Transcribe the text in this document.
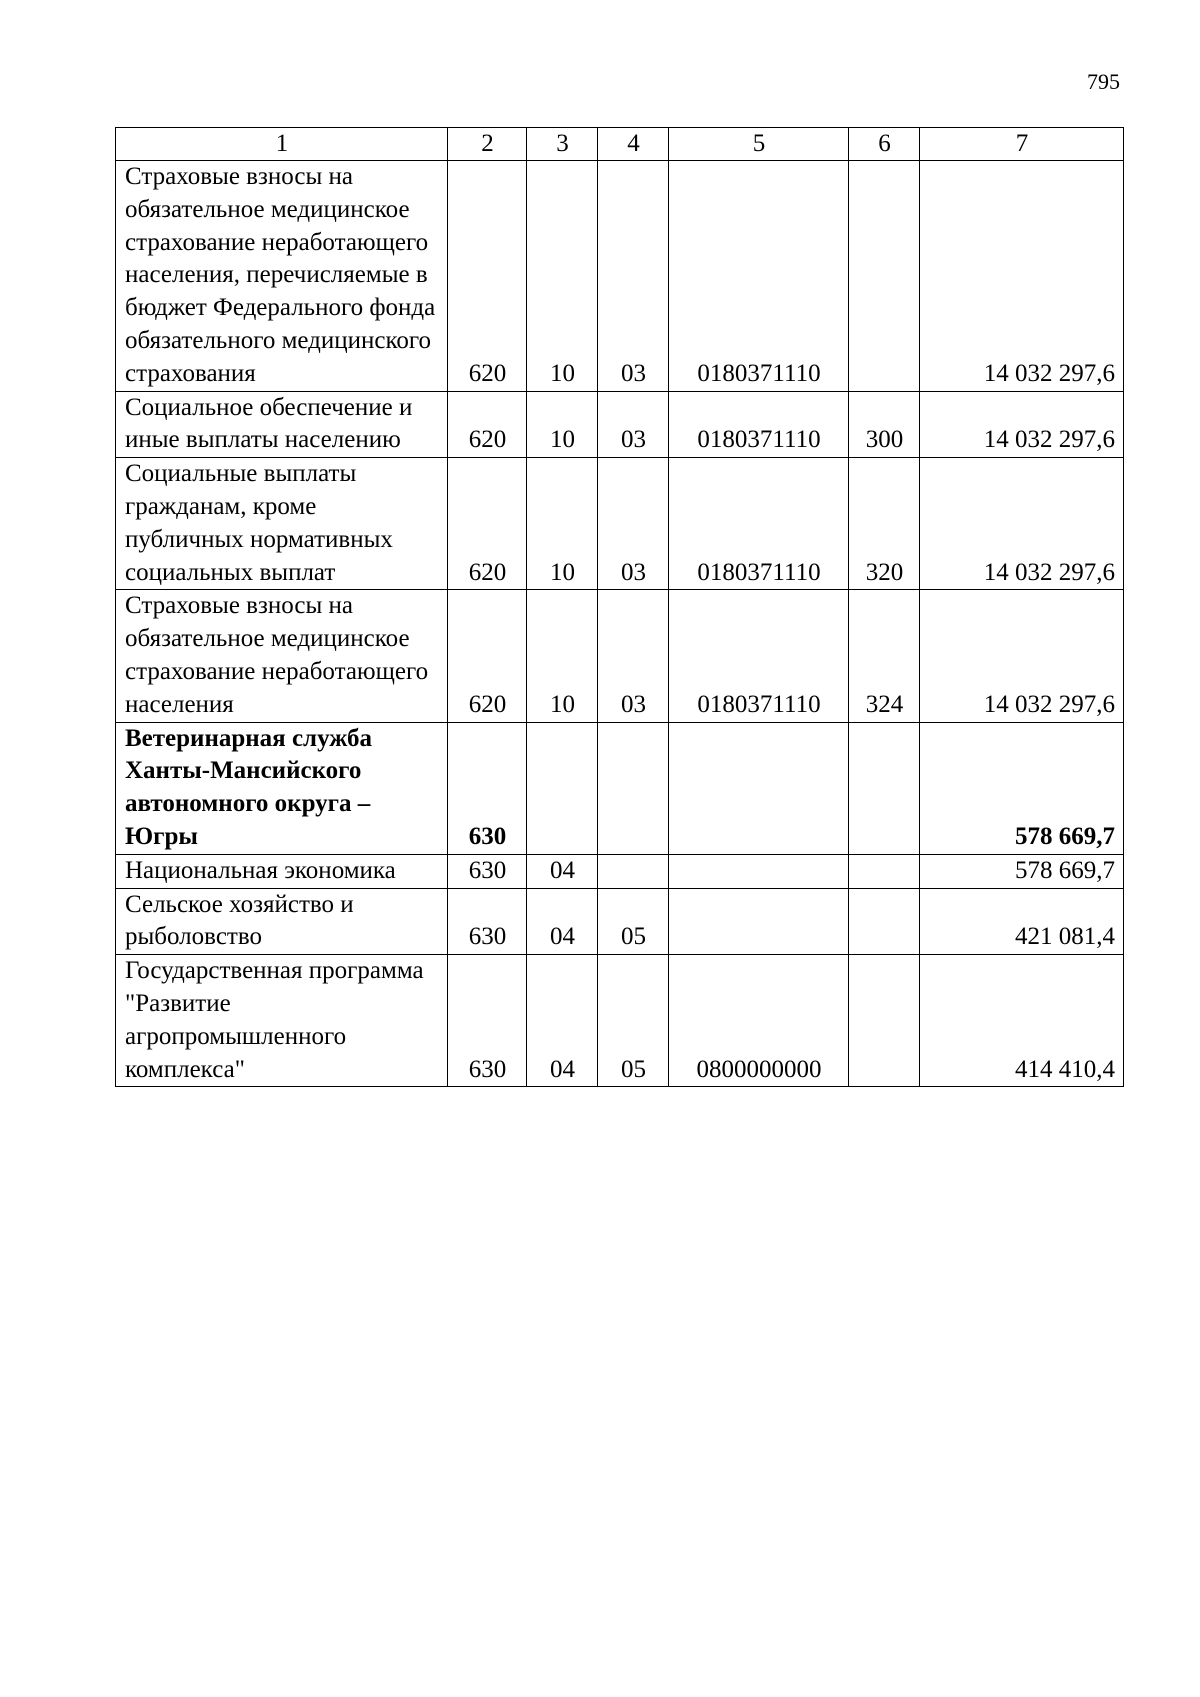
795
1	2	3	4	5	6	7
Страховые взносы на обязательное медицинское страхование неработающего населения, перечисляемые в бюджет Федерального фонда обязательного медицинского страхования	620	10	03	0180371110		14 032 297,6
Социальное обеспечение и иные выплаты населению	620	10	03	0180371110	300	14 032 297,6
Социальные выплаты гражданам, кроме публичных нормативных социальных выплат	620	10	03	0180371110	320	14 032 297,6
Страховые взносы на обязательное медицинское страхование неработающего населения	620	10	03	0180371110	324	14 032 297,6
Ветеринарная служба Ханты-Мансийского автономного округа – Югры	630					578 669,7
Национальная экономика	630	04				578 669,7
Сельское хозяйство и рыболовство	630	04	05			421 081,4
Государственная программа "Развитие агропромышленного комплекса"	630	04	05	0800000000		414 410,4
